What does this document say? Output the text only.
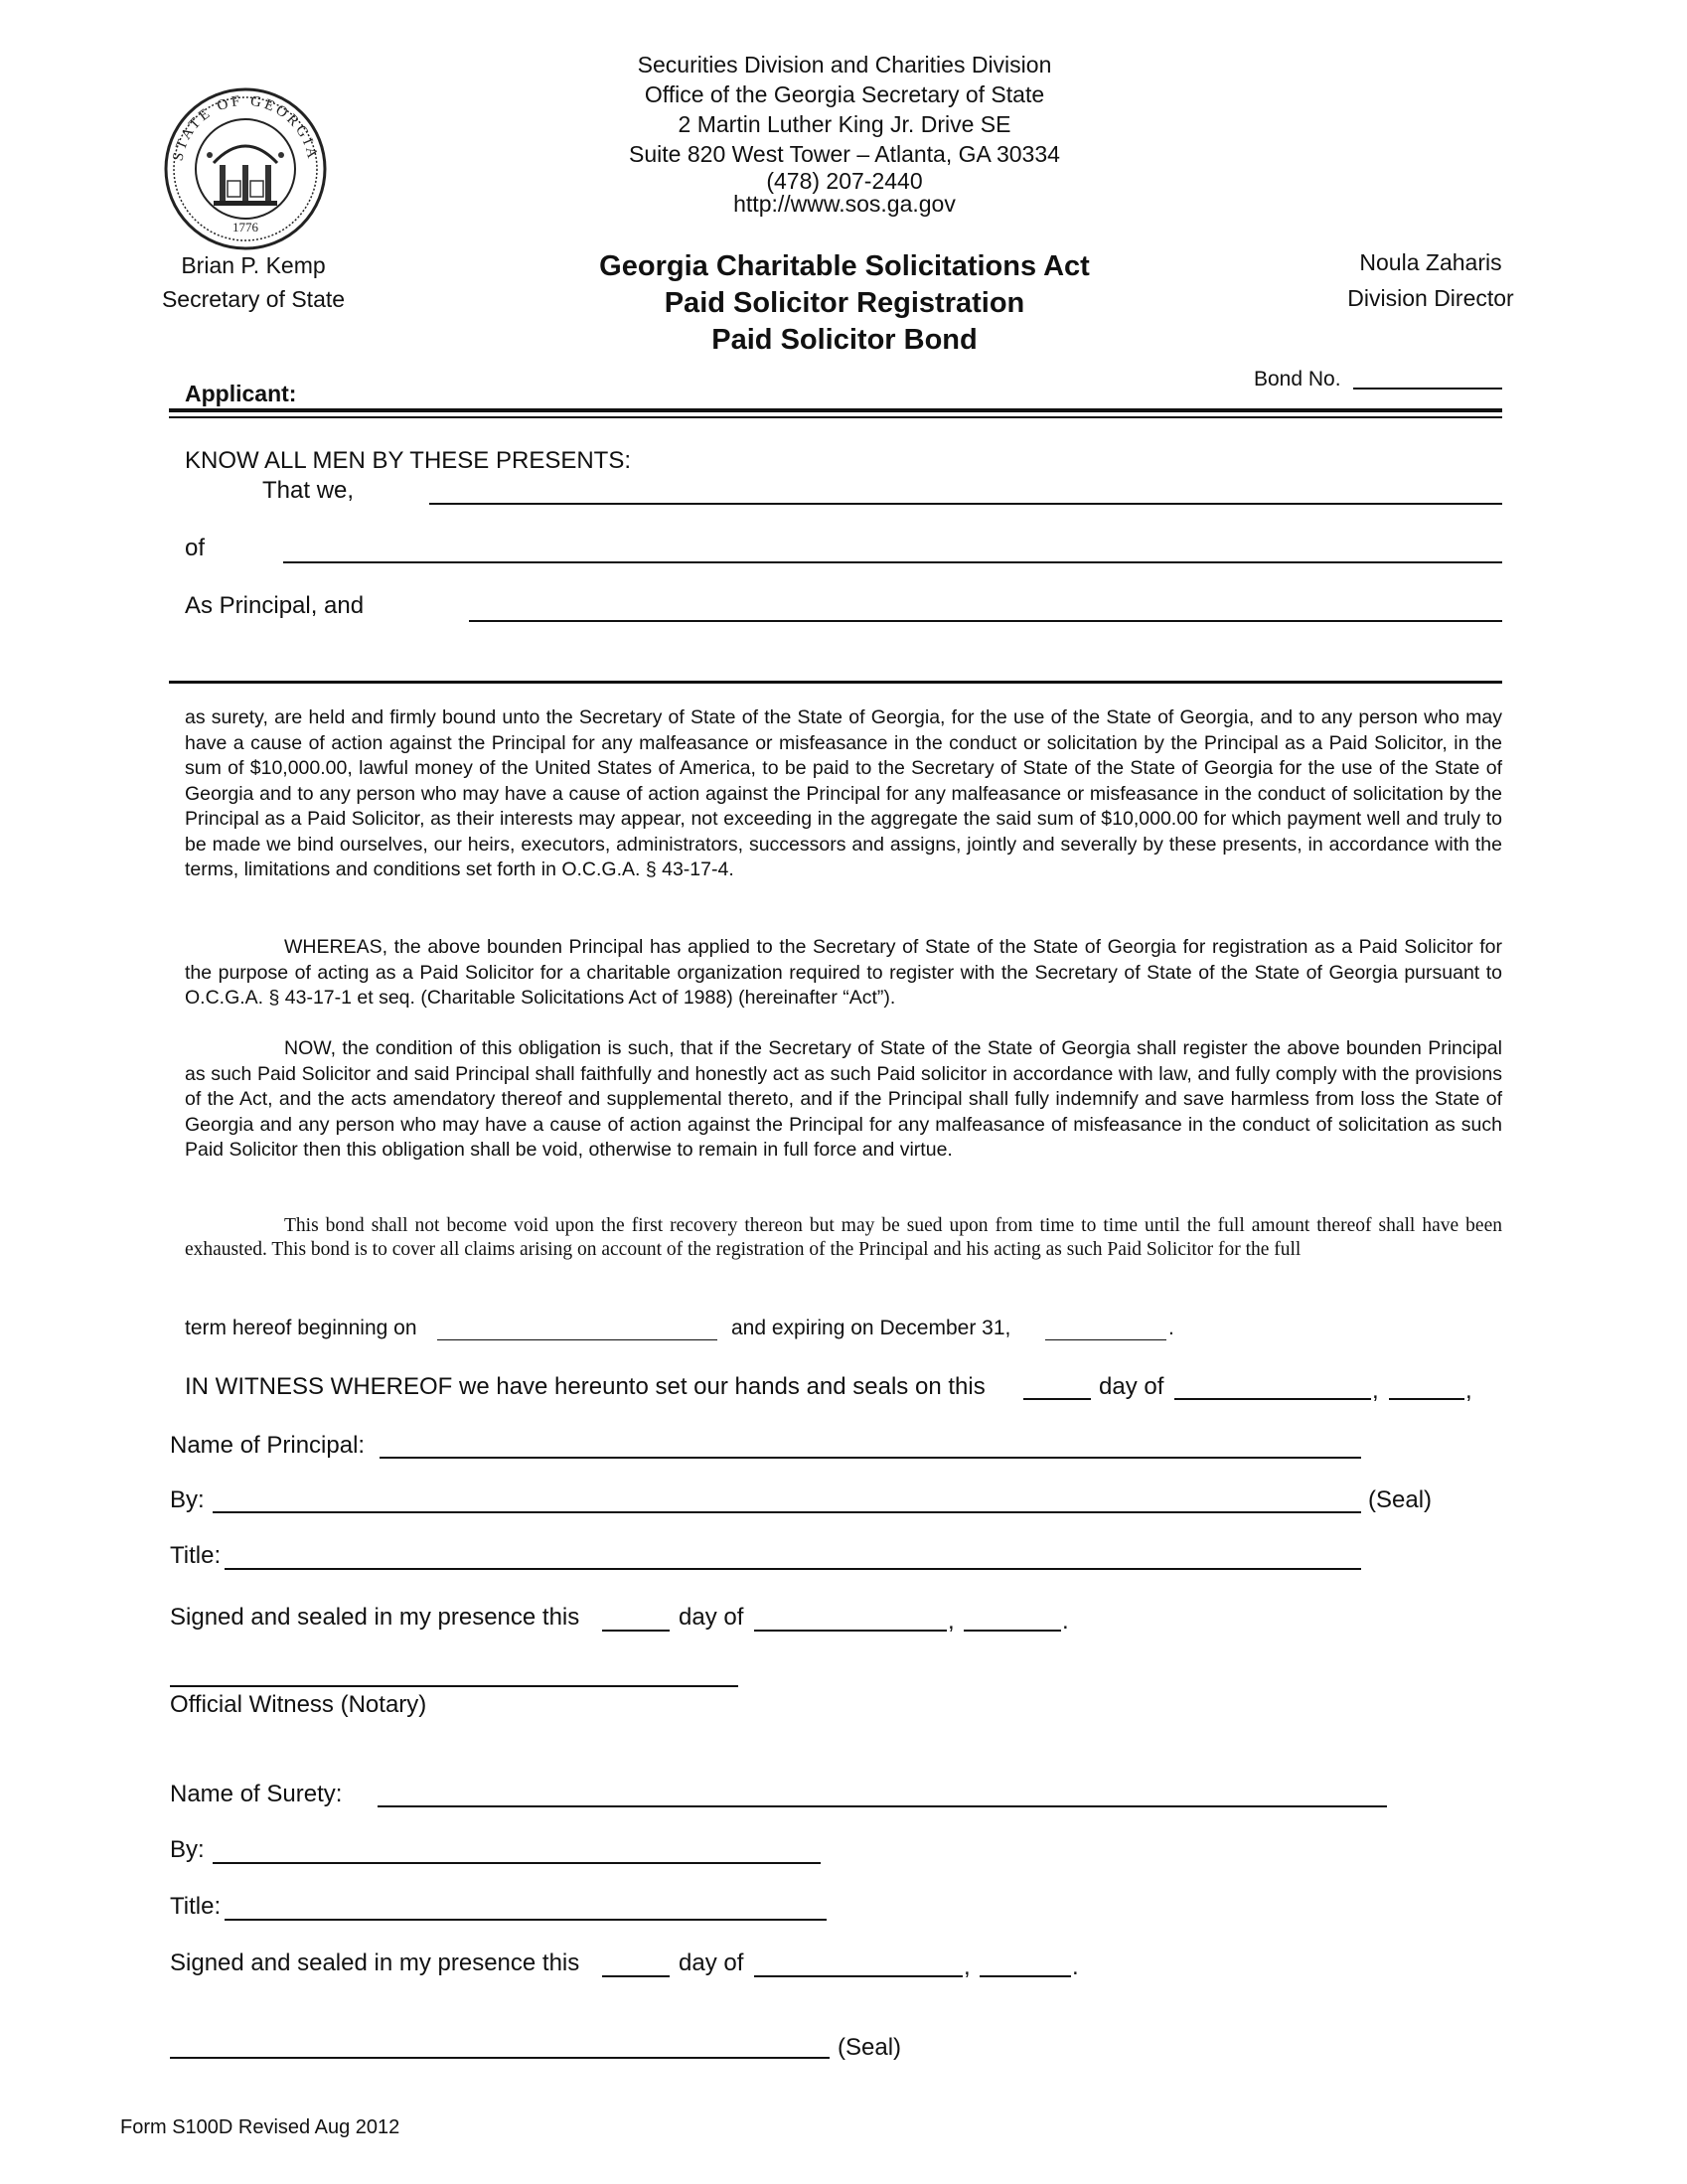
STATE OF GEORGIA
1776
Securities Division and Charities Division
Office of the Georgia Secretary of State
2 Martin Luther King Jr. Drive SE
Suite 820 West Tower – Atlanta, GA 30334
(478) 207-2440
http://www.sos.ga.gov
Brian P. Kemp
Secretary of State
Georgia Charitable Solicitations Act
Paid Solicitor Registration
Paid Solicitor Bond
Noula Zaharis
Division Director
Applicant:
Bond No.
KNOW ALL MEN BY THESE PRESENTS:
That we,
of
As Principal, and
as surety, are held and firmly bound unto the Secretary of State of the State of Georgia, for the use of the State of Georgia, and to any person who may have a cause of action against the Principal for any malfeasance or misfeasance in the conduct or solicitation by the Principal as a Paid Solicitor, in the sum of $10,000.00, lawful money of the United States of America, to be paid to the Secretary of State of the State of Georgia for the use of the State of Georgia and to any person who may have a cause of action against the Principal for any malfeasance or misfeasance in the conduct of solicitation by the Principal as a Paid Solicitor, as their interests may appear, not exceeding in the aggregate the said sum of $10,000.00 for which payment well and truly to be made we bind ourselves, our heirs, executors, administrators, successors and assigns, jointly and severally by these presents, in accordance with the terms, limitations and conditions set forth in O.C.G.A. § 43-17-4.
WHEREAS, the above bounden Principal has applied to the Secretary of State of the State of Georgia for registration as a Paid Solicitor for the purpose of acting as a Paid Solicitor for a charitable organization required to register with the Secretary of State of the State of Georgia pursuant to O.C.G.A. § 43-17-1 et seq. (Charitable Solicitations Act of 1988) (hereinafter “Act”).
NOW, the condition of this obligation is such, that if the Secretary of State of the State of Georgia shall register the above bounden Principal as such Paid Solicitor and said Principal shall faithfully and honestly act as such Paid solicitor in accordance with law, and fully comply with the provisions of the Act, and the acts amendatory thereof and supplemental thereto, and if the Principal shall fully indemnify and save harmless from loss the State of Georgia and any person who may have a cause of action against the Principal for any malfeasance of misfeasance in the conduct of solicitation as such Paid Solicitor then this obligation shall be void, otherwise to remain in full force and virtue.
This bond shall not become void upon the first recovery thereon but may be sued upon from time to time until the full amount thereof shall have been exhausted. This bond is to cover all claims arising on account of the registration of the Principal and his acting as such Paid Solicitor for the full
term hereof beginning on	and expiring on December 31,	.
IN WITNESS WHEREOF we have hereunto set our hands and seals on this	day of	,	,
Name of Principal:
By:	(Seal)
Title:
Signed and sealed in my presence this	day of	,	.
Official Witness (Notary)
Name of Surety:
By:
Title:
Signed and sealed in my presence this	day of	,	.
(Seal)
Form S100D Revised Aug 2012
